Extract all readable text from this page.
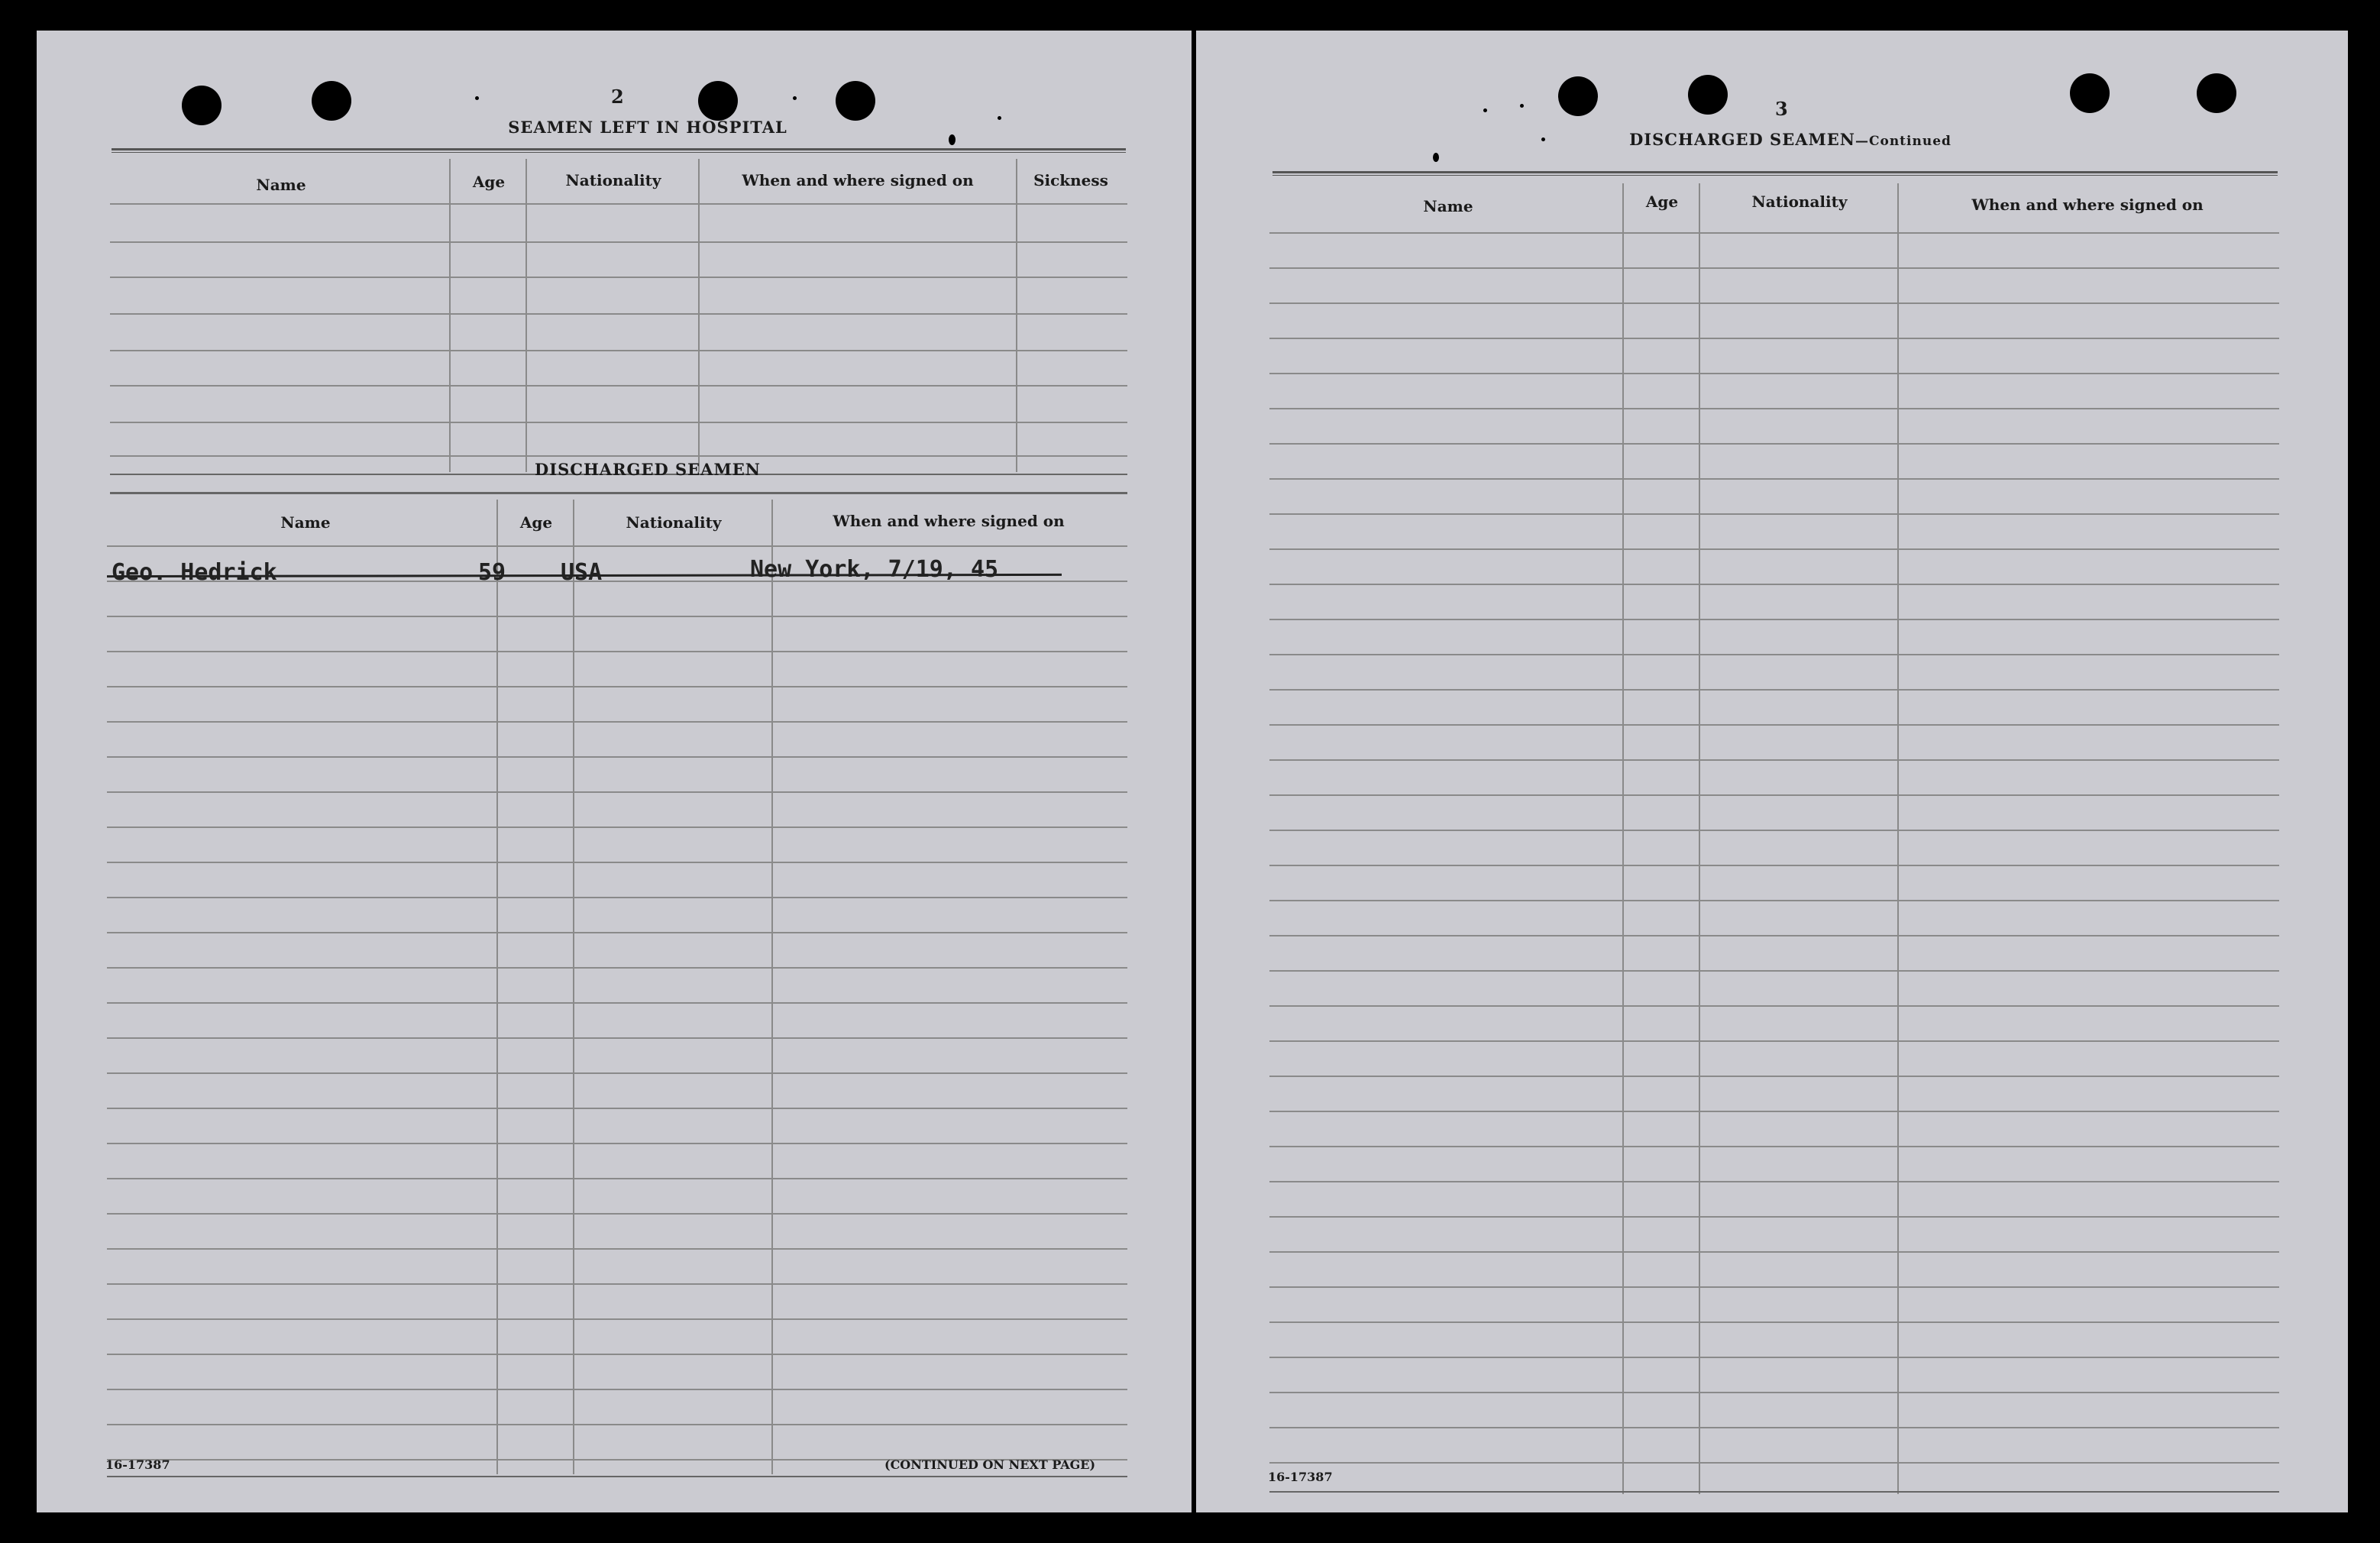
2
SEAMEN LEFT IN HOSPITAL
Name	Age	Nationality	When and where signed on	Sickness
DISCHARGED SEAMEN
Name	Age	Nationality	When and where signed on
Geo. Hedrick	59 USA	New York, 7/19, 45
16-17387	(CONTINUED ON NEXT PAGE)
3
DISCHARGED SEAMEN—Continued
Name	Age	Nationality	When and where signed on
16-17387
